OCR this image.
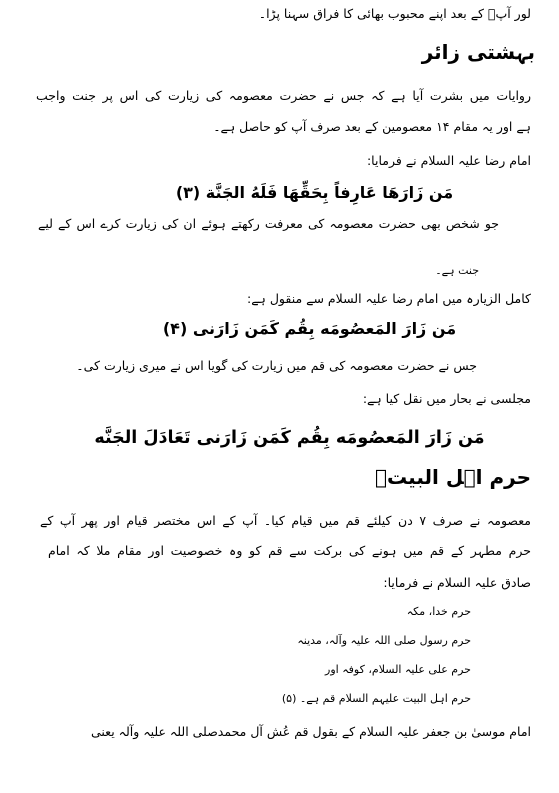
لور آپؑ کے بعد اپنے محبوب بھائی کا فراق سہنا پڑا۔
بہشتی زائر
روایات میں بشرت آیا ہے کہ جس نے حضرت معصومہ کی زیارت کی اس پر جنت واجب
ہے اور یہ مقام ۱۴ معصومین کے بعد صرف آپ کو حاصل ہے۔
امام رضا علیہ السلام نے فرمایا:
مَن زَارَهَا عَارِفاً بِحَقِّهَا فَلَهُ الجَنَّة (۳)
جو شخص بھی حضرت معصومہ کی معرفت رکھتے ہوئے ان کی زیارت کرے اس کے لیے
جنت ہے۔
کامل الزیارہ میں امام رضا علیہ السلام سے منقول ہے:
مَن زَارَ المَعصُومَه بِقُم کَمَن زَارَنی (۴)
جس نے حضرت معصومہ کی قم میں زیارت کی گویا اس نے میری زیارت کی۔
مجلسی نے بحار میں نقل کیا ہے:
مَن زَارَ المَعصُومَه بِقُم کَمَن زَارَنی تَعَادَلَ الجَنَّه
حرم اہل البیتؑ
معصومہ نے صرف ۷ دن کیلئے قم میں قیام کیا۔ آپ کے اس مختصر قیام اور پھر آپ کے
حرم مطہر کے قم میں ہونے کی برکت سے قم کو وہ خصوصیت اور مقام ملا کہ امام
صادق علیہ السلام نے فرمایا:
حرم خدا، مکہ
حرم رسول صلی اللہ علیہ وآلہ، مدینہ
حرم علی علیہ السلام، کوفہ اور
حرم اہل البیت علیہم السلام قم ہے۔ (۵)
امام موسیٰ بن جعفر علیہ السلام کے بقول قم عُش آل محمدصلی اللہ علیہ وآلہ یعنی
